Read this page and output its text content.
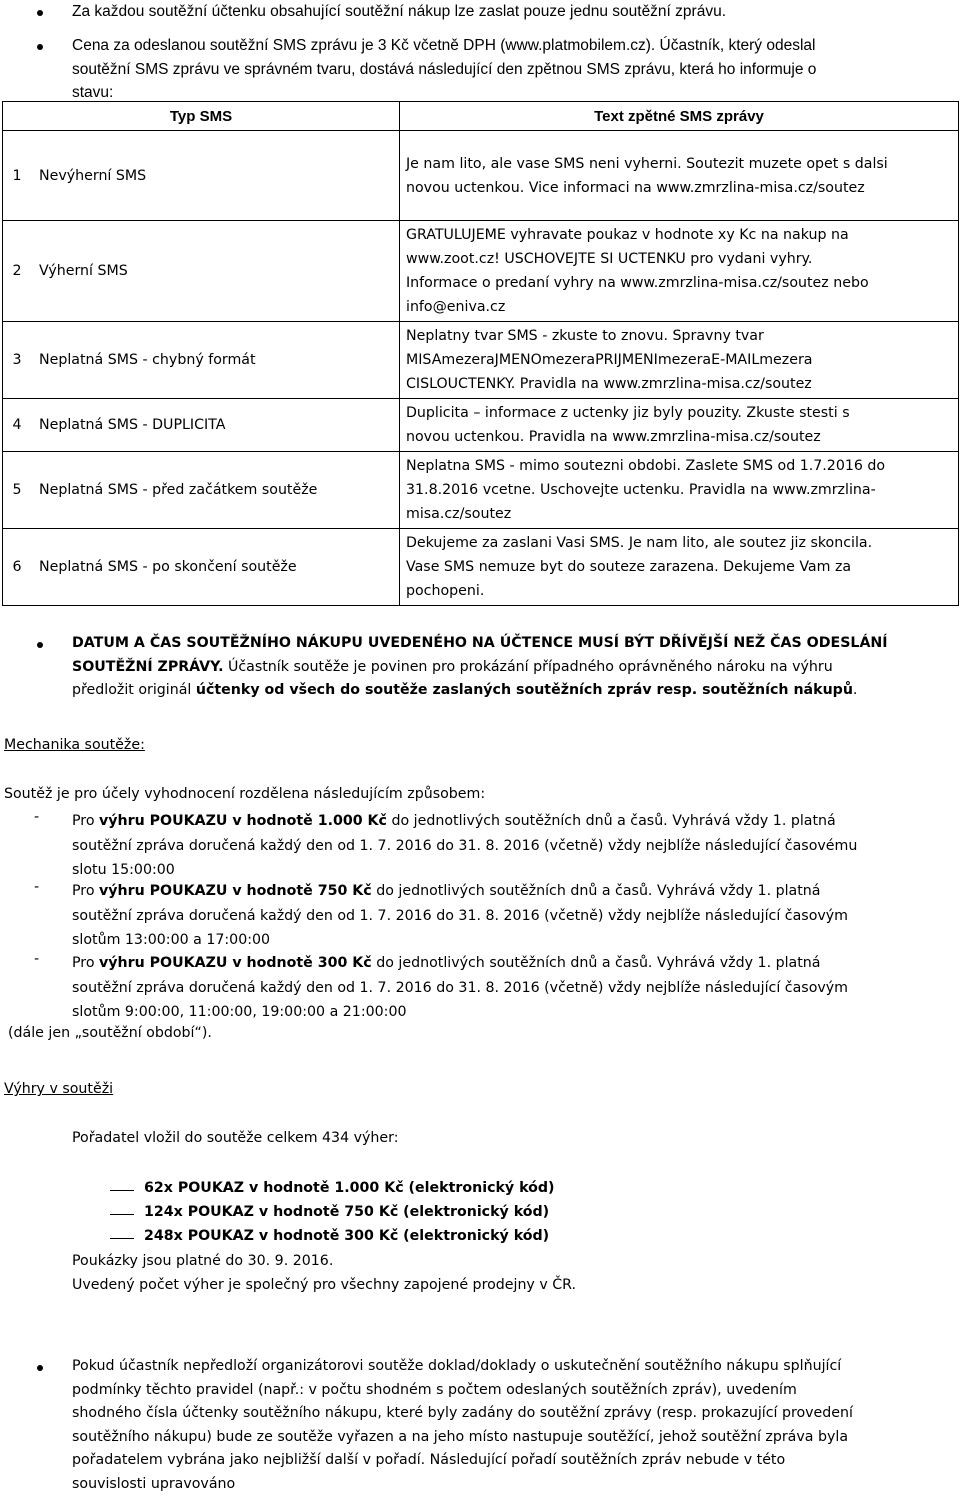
Za každou soutěžní účtenku obsahující soutěžní nákup lze zaslat pouze jednu soutěžní zprávu.
Cena za odeslanou soutěžní SMS zprávu je 3 Kč včetně DPH (www.platmobilem.cz). Účastník, který odeslal
soutěžní SMS zprávu ve správném tvaru, dostává následující den zpětnou SMS zprávu, která ho informuje o
stavu:
Typ SMS		Text zpětné SMS zprávy
1	Nevýherní SMS	Je nam lito, ale vase SMS neni vyherni. Soutezit muzete opet s dalsi
novou uctenkou. Vice informaci na www.zmrzlina-misa.cz/soutez

2	Výherní SMS	GRATULUJEME vyhravate poukaz v hodnote xy Kc na nakup na
www.zoot.cz! USCHOVEJTE SI UCTENKU pro vydani vyhry.
Informace o predaní vyhry na www.zmrzlina-misa.cz/soutez nebo
info@eniva.cz

3	Neplatná SMS - chybný formát	Neplatny tvar SMS - zkuste to znovu. Spravny tvar
MISAmezeraJMENOmezeraPRIJMENImezeraE-MAILmezera
CISLOUCTENKY. Pravidla na www.zmrzlina-misa.cz/soutez

4	Neplatná SMS - DUPLICITA	Duplicita – informace z uctenky jiz byly pouzity. Zkuste stesti s
novou uctenkou. Pravidla na www.zmrzlina-misa.cz/soutez

5	Neplatná SMS - před začátkem soutěže	Neplatna SMS - mimo soutezni obdobi. Zaslete SMS od 1.7.2016 do
31.8.2016 vcetne. Uschovejte uctenku. Pravidla na www.zmrzlina-
misa.cz/soutez

6	Neplatná SMS - po skončení soutěže	Dekujeme za zaslani Vasi SMS. Je nam lito, ale soutez jiz skoncila.
Vase SMS nemuze byt do souteze zarazena. Dekujeme Vam za
pochopeni.
DATUM A ČAS SOUTĚŽNÍHO NÁKUPU UVEDENÉHO NA ÚČTENCE MUSÍ BÝT DŘÍVĚJŠÍ NEŽ ČAS ODESLÁNÍ
SOUTĚŽNÍ ZPRÁVY. Účastník soutěže je povinen pro prokázání případného oprávněného nároku na výhru
předložit originál účtenky od všech do soutěže zaslaných soutěžních zpráv resp. soutěžních nákupů.
Mechanika soutěže:
Soutěž je pro účely vyhodnocení rozdělena následujícím způsobem:
- Pro výhru POUKAZU v hodnotě 1.000 Kč do jednotlivých soutěžních dnů a časů. Vyhrává vždy 1. platná
soutěžní zpráva doručená každý den od 1. 7. 2016 do 31. 8. 2016 (včetně) vždy nejblíže následující časovému
slotu 15:00:00
- Pro výhru POUKAZU v hodnotě 750 Kč do jednotlivých soutěžních dnů a časů. Vyhrává vždy 1. platná
soutěžní zpráva doručená každý den od 1. 7. 2016 do 31. 8. 2016 (včetně) vždy nejblíže následující časovým
slotům 13:00:00 a 17:00:00
- Pro výhru POUKAZU v hodnotě 300 Kč do jednotlivých soutěžních dnů a časů. Vyhrává vždy 1. platná
soutěžní zpráva doručená každý den od 1. 7. 2016 do 31. 8. 2016 (včetně) vždy nejblíže následující časovým
slotům 9:00:00, 11:00:00, 19:00:00 a 21:00:00
(dále jen „soutěžní období“).
Výhry v soutěži
Pořadatel vložil do soutěže celkem 434 výher:
62x POUKAZ v hodnotě 1.000 Kč (elektronický kód)
124x POUKAZ v hodnotě 750 Kč (elektronický kód)
248x POUKAZ v hodnotě 300 Kč (elektronický kód)
Poukázky jsou platné do 30. 9. 2016.
Uvedený počet výher je společný pro všechny zapojené prodejny v ČR.
Pokud účastník nepředloží organizátorovi soutěže doklad/doklady o uskutečnění soutěžního nákupu splňující
podmínky těchto pravidel (např.: v počtu shodném s počtem odeslaných soutěžních zpráv), uvedením
shodného čísla účtenky soutěžního nákupu, které byly zadány do soutěžní zprávy (resp. prokazující provedení
soutěžního nákupu) bude ze soutěže vyřazen a na jeho místo nastupuje soutěžící, jehož soutěžní zpráva byla
pořadatelem vybrána jako nejbližší další v pořadí. Následující pořadí soutěžních zpráv nebude v této
souvislosti upravováno
